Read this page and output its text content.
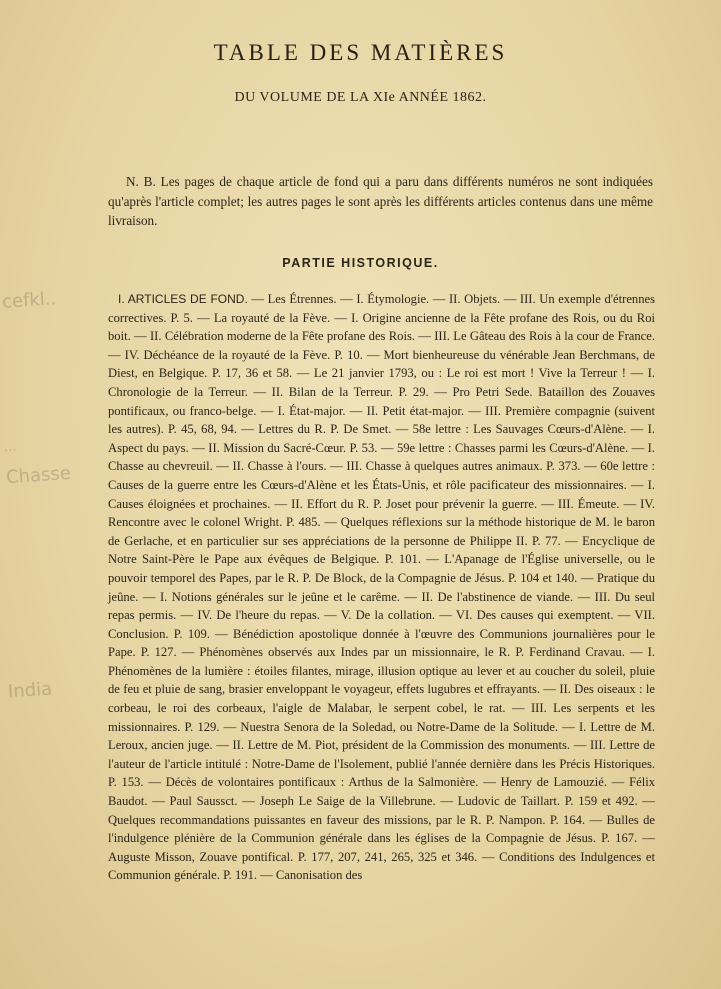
cefkl..
...
Chasse
India
TABLE DES MATIÈRES
DU VOLUME DE LA XIe ANNÉE 1862.
N. B. Les pages de chaque article de fond qui a paru dans différents numéros ne sont indiquées qu'après l'article complet; les autres pages le sont après les différents articles contenus dans une même livraison.
PARTIE HISTORIQUE.
I. ARTICLES DE FOND. — Les Étrennes. — I. Étymologie. — II. Objets. — III. Un exemple d'étrennes correctives. P. 5. — La royauté de la Fève. — I. Origine ancienne de la Fête profane des Rois, ou du Roi boit. — II. Célébration moderne de la Fête profane des Rois. — III. Le Gâteau des Rois à la cour de France. — IV. Déchéance de la royauté de la Fève. P. 10. — Mort bienheureuse du vénérable Jean Berchmans, de Diest, en Belgique. P. 17, 36 et 58. — Le 21 janvier 1793, ou : Le roi est mort ! Vive la Terreur ! — I. Chronologie de la Terreur. — II. Bilan de la Terreur. P. 29. — Pro Petri Sede. Bataillon des Zouaves pontificaux, ou franco-belge. — I. État-major. — II. Petit état-major. — III. Première compagnie (suivent les autres). P. 45, 68, 94. — Lettres du R. P. De Smet. — 58e lettre : Les Sauvages Cœurs-d'Alène. — I. Aspect du pays. — II. Mission du Sacré-Cœur. P. 53. — 59e lettre : Chasses parmi les Cœurs-d'Alène. — I. Chasse au chevreuil. — II. Chasse à l'ours. — III. Chasse à quelques autres animaux. P. 373. — 60e lettre : Causes de la guerre entre les Cœurs-d'Alène et les États-Unis, et rôle pacificateur des missionnaires. — I. Causes éloignées et prochaines. — II. Effort du R. P. Joset pour prévenir la guerre. — III. Émeute. — IV. Rencontre avec le colonel Wright. P. 485. — Quelques réflexions sur la méthode historique de M. le baron de Gerlache, et en particulier sur ses appréciations de la personne de Philippe II. P. 77. — Encyclique de Notre Saint-Père le Pape aux évêques de Belgique. P. 101. — L'Apanage de l'Église universelle, ou le pouvoir temporel des Papes, par le R. P. De Block, de la Compagnie de Jésus. P. 104 et 140. — Pratique du jeûne. — I. Notions générales sur le jeûne et le carême. — II. De l'abstinence de viande. — III. Du seul repas permis. — IV. De l'heure du repas. — V. De la collation. — VI. Des causes qui exemptent. — VII. Conclusion. P. 109. — Bénédiction apostolique donnée à l'œuvre des Communions journalières pour le Pape. P. 127. — Phénomènes observés aux Indes par un missionnaire, le R. P. Ferdinand Cravau. — I. Phénomènes de la lumière : étoiles filantes, mirage, illusion optique au lever et au coucher du soleil, pluie de feu et pluie de sang, brasier enveloppant le voyageur, effets lugubres et effrayants. — II. Des oiseaux : le corbeau, le roi des corbeaux, l'aigle de Malabar, le serpent cobel, le rat. — III. Les serpents et les missionnaires. P. 129. — Nuestra Senora de la Soledad, ou Notre-Dame de la Solitude. — I. Lettre de M. Leroux, ancien juge. — II. Lettre de M. Piot, président de la Commission des monuments. — III. Lettre de l'auteur de l'article intitulé : Notre-Dame de l'Isolement, publié l'année dernière dans les Précis Historiques. P. 153. — Décès de volontaires pontificaux : Arthus de la Salmonière. — Henry de Lamouzié. — Félix Baudot. — Paul Saussct. — Joseph Le Saige de la Villebrune. — Ludovic de Taillart. P. 159 et 492. — Quelques recommandations puissantes en faveur des missions, par le R. P. Nampon. P. 164. — Bulles de l'indulgence plénière de la Communion générale dans les églises de la Compagnie de Jésus. P. 167. — Auguste Misson, Zouave pontifical. P. 177, 207, 241, 265, 325 et 346. — Conditions des Indulgences et Communion générale. P. 191. — Canonisation des
